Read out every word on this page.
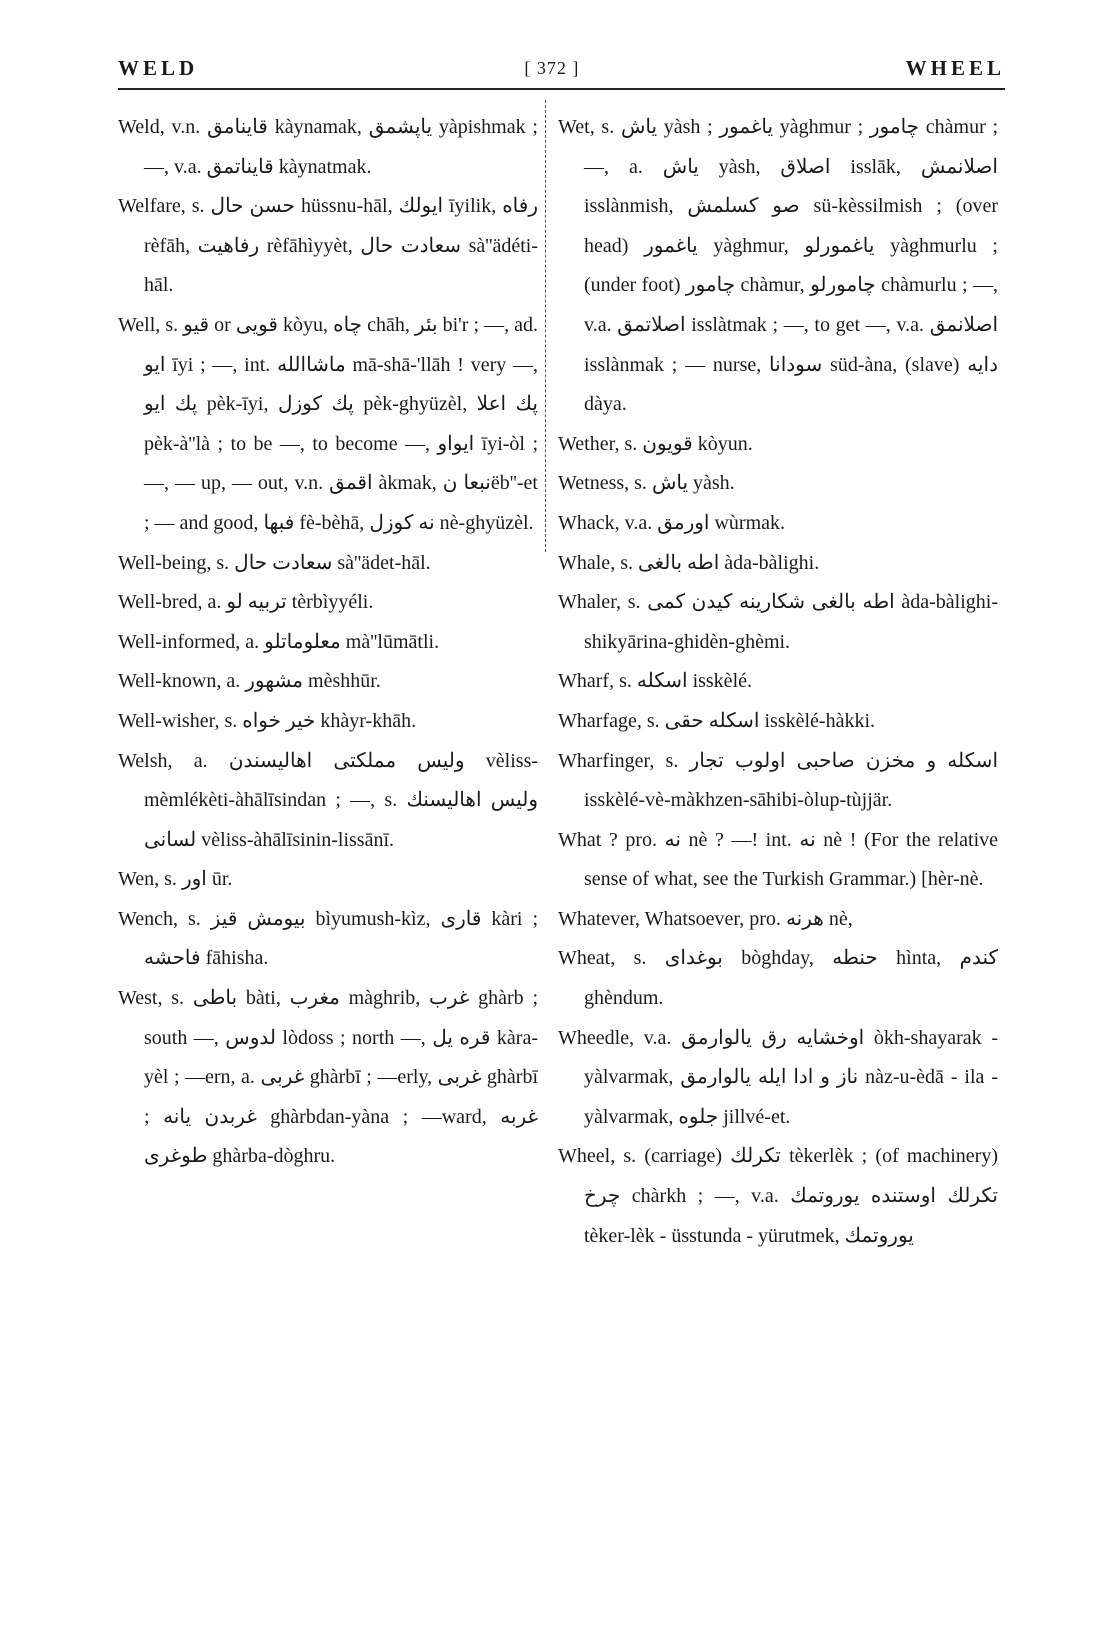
WELD	[ 372 ]	WHEEL
Weld, v.n. قاينامق kàynamak, ياپشمق yàpishmak ; —, v.a. قايناتمق kàynatmak.
Welfare, s. حسن حال hüssnu-hāl, ايولك īyilik, رفاه rèfāh, رفاهيت rèfāhìyyèt, سعادت حال sà''ädéti-hāl.
Well, s. قيو or قويى kòyu, چاه chāh, بئر bi'r ; —, ad. ايو īyi ; —, int. ماشاالله mā-shā-'llāh ! very —, پك ايو pèk-īyi, پك كوزل pèk-ghyüzèl, پك اعلا pèk-à''là ; to be —, to become —, ايواو īyi-òl ; —, — up, — out, v.n. اقمق àkmak, نبعا نëb''-et ; — and good, فبها fè-bèhā, نه كوزل nè-ghyüzèl.
Well-being, s. سعادت حال sà''ädet-hāl.
Well-bred, a. تربيه لو tèrbìyyéli.
Well-informed, a. معلوماتلو mà''lūmātli.
Well-known, a. مشهور mèshhūr.
Well-wisher, s. خير خواه khàyr-khāh.
Welsh, a. وليس مملكتى اهاليسندن vèliss-mèmlékèti-àhālīsindan ; —, s. وليس اهاليسنك لسانى vèliss-àhālīsinin-lissānī.
Wen, s. اور ūr.
Wench, s. بيومش قيز bìyumush-kìz, قارى kàri ; فاحشه fāhisha.
West, s. باطى bàti, مغرب màghrib, غرب ghàrb ; south —, لدوس lòdoss ; north —, قره يل kàra-yèl ; —ern, a. غربى ghàrbī ; —erly, غربى ghàrbī ; غربدن يانه ghàrbdan-yàna ; —ward, غربه طوغرى ghàrba-dòghru.
Wet, s. ياش yàsh ; ياغمور yàghmur ; چامور chàmur ; —, a. ياش yàsh, اصلاق isslāk, اصلانمش isslànmish, صو كسلمش sü-kèssilmish ; (over head) ياغمور yàghmur, ياغمورلو yàghmurlu ; (under foot) چامور chàmur, چامورلو chàmurlu ; —, v.a. اصلاتمق isslàtmak ; —, to get —, v.a. اصلانمق isslànmak ; — nurse, سودانا süd-àna, (slave) دايه dàya.
Wether, s. قويون kòyun.
Wetness, s. ياش yàsh.
Whack, v.a. اورمق wùrmak.
Whale, s. اطه بالغى àda-bàlighi.
Whaler, s. اطه بالغى شكارينه كيدن كمى àda-bàlighi-shikyārina-ghidèn-ghèmi.
Wharf, s. اسكله isskèlé.
Wharfage, s. اسكله حقى isskèlé-hàkki.
Wharfinger, s. اسكله و مخزن صاحبى اولوب تجار isskèlé-vè-màkhzen-sāhibi-òlup-tùjjär.
What ? pro. نه nè ? —! int. نه nè ! (For the relative sense of what, see the Turkish Grammar.) [hèr-nè.
Whatever, Whatsoever, pro. هرنه nè,
Wheat, s. بوغداى bòghday, حنطه hìnta, كندم ghèndum.
Wheedle, v.a. اوخشايه رق يالوارمق òkh-shayarak - yàlvarmak, ناز و ادا ايله يالوارمق nàz-u-èdā - ila - yàlvarmak, جلوه jillvé-et.
Wheel, s. (carriage) تكرلك tèkerlèk ; (of machinery) چرخ chàrkh ; —, v.a. تكرلك اوستنده يوروتمك tèker-lèk - üsstunda - yürutmek, يوروتمك
